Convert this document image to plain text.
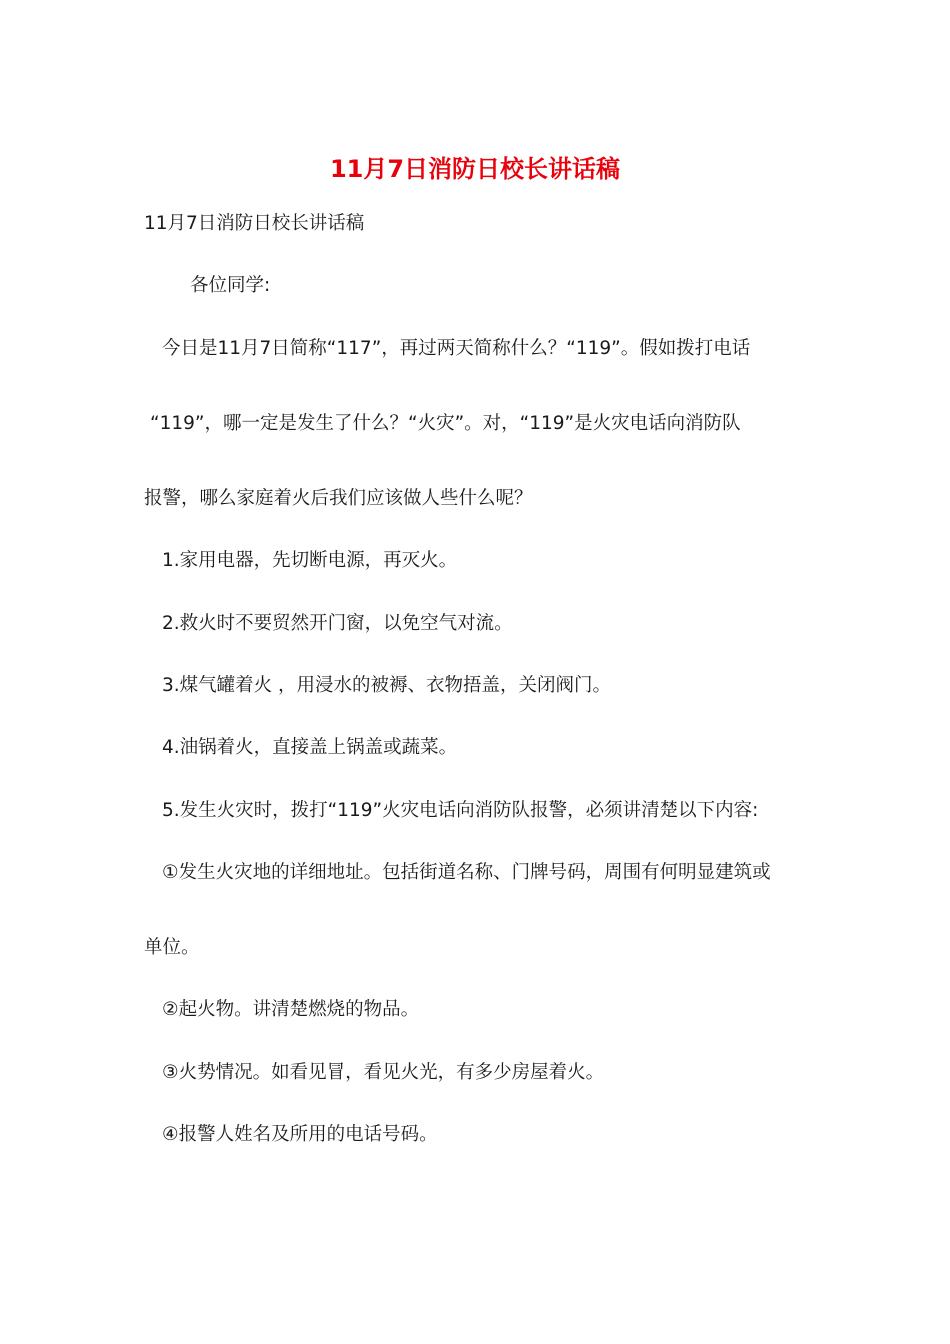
11月7日消防日校长讲话稿
11月7日消防日校长讲话稿
各位同学:
今日是11月7日简称“117”，再过两天简称什么？“119”。假如拨打电话
“119”，哪一定是发生了什么？“火灾”。对，“119”是火灾电话向消防队
报警，哪么家庭着火后我们应该做人些什么呢？
1.家用电器，先切断电源，再灭火。
2.救火时不要贸然开门窗，以免空气对流。
3.煤气罐着火 ，用浸水的被褥、衣物捂盖，关闭阀门。
4.油锅着火，直接盖上锅盖或蔬菜。
5.发生火灾时，拨打“119”火灾电话向消防队报警，必须讲清楚以下内容:
①发生火灾地的详细地址。包括街道名称、门牌号码，周围有何明显建筑或
单位。
②起火物。讲清楚燃烧的物品。
③火势情况。如看见冒，看见火光，有多少房屋着火。
④报警人姓名及所用的电话号码。
